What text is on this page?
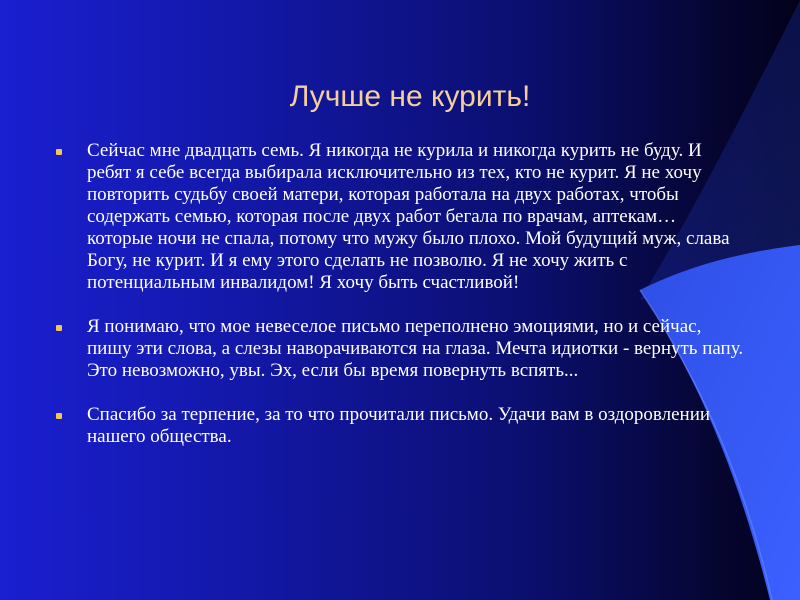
Лучше не курить!
Сейчас мне двадцать семь. Я никогда не курила и никогда курить не буду. И ребят я себе всегда выбирала исключительно из тех, кто не курит. Я не хочу повторить судьбу своей матери, которая работала на двух работах, чтобы содержать семью, которая после двух работ бегала по врачам, аптекам… которые ночи не спала, потому что мужу было плохо. Мой будущий муж, слава Богу, не курит. И я ему этого сделать не позволю. Я не хочу жить с потенциальным инвалидом! Я хочу быть счастливой!
Я понимаю, что мое невеселое письмо переполнено эмоциями, но и сейчас, пишу эти слова, а слезы наворачиваются на глаза. Мечта идиотки - вернуть папу. Это невозможно, увы. Эх, если бы время повернуть вспять...
Спасибо за терпение, за то что прочитали письмо. Удачи вам в оздоровлении нашего общества.
